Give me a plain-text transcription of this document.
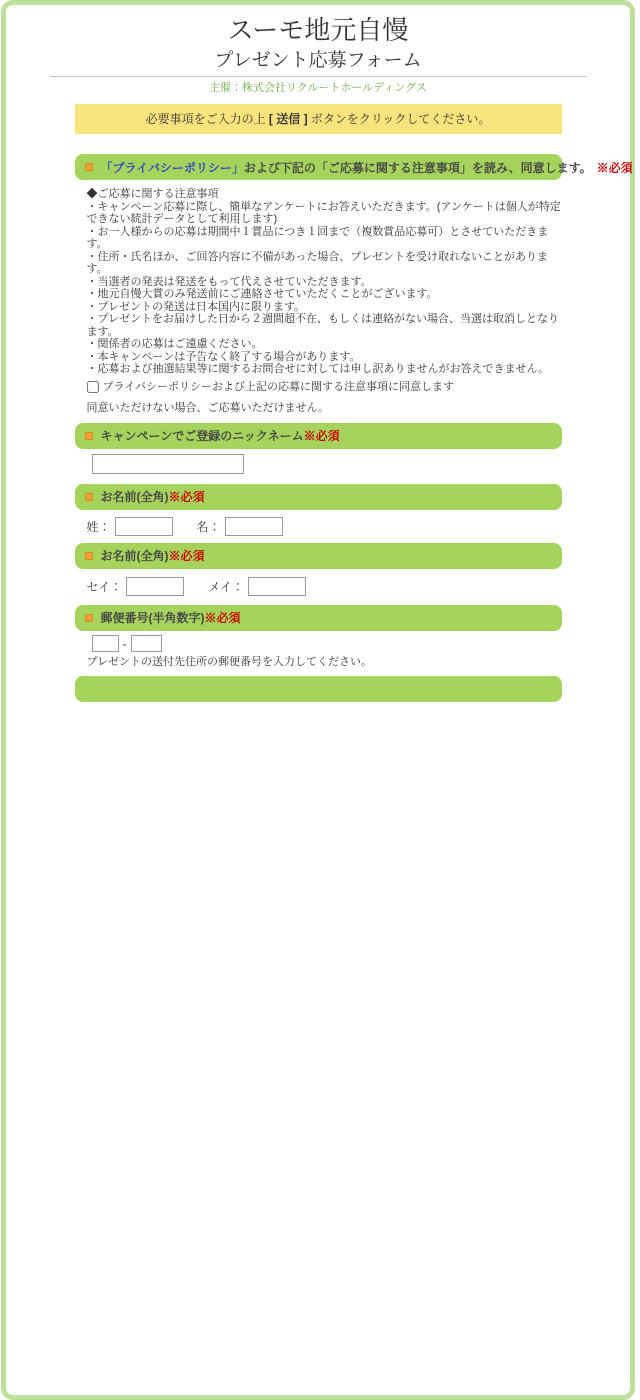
スーモ地元自慢
プレゼント応募フォーム
主催：株式会社リクルートホールディングス
必要事項をご入力の上 [ 送信 ] ボタンをクリックしてください。
「プライバシーポリシー」 および下記の「ご応募に関する注意事項」を読み、同意します。 ※必須
◆ご応募に関する注意事項
・キャンペーン応募に際し、簡単なアンケートにお答えいただきます。(アンケートは個人が特定できない統計データとして利用します)
・お一人様からの応募は期間中１賞品につき１回まで（複数賞品応募可）とさせていただきます。
・住所・氏名ほか、ご回答内容に不備があった場合、プレゼントを受け取れないことがあります。
・当選者の発表は発送をもって代えさせていただきます。
・地元自慢大賞のみ発送前にご連絡させていただくことがございます。
・プレゼントの発送は日本国内に限ります。
・プレゼントをお届けした日から２週間超不在、もしくは連絡がない場合、当選は取消しとなります。
・関係者の応募はご遠慮ください。
・本キャンペーンは予告なく終了する場合があります。
・応募および抽選結果等に関するお問合せに対しては申し訳ありませんがお答えできません。
プライバシーポリシーおよび上記の応募に関する注意事項に同意します
同意いただけない場合、ご応募いただけません。
キャンペーンでご登録のニックネーム ※必須
お名前(全角) ※必須
姓：	名：
お名前(全角) ※必須
セイ：	メイ：
郵便番号(半角数字) ※必須
-
プレゼントの送付先住所の郵便番号を入力してください。
